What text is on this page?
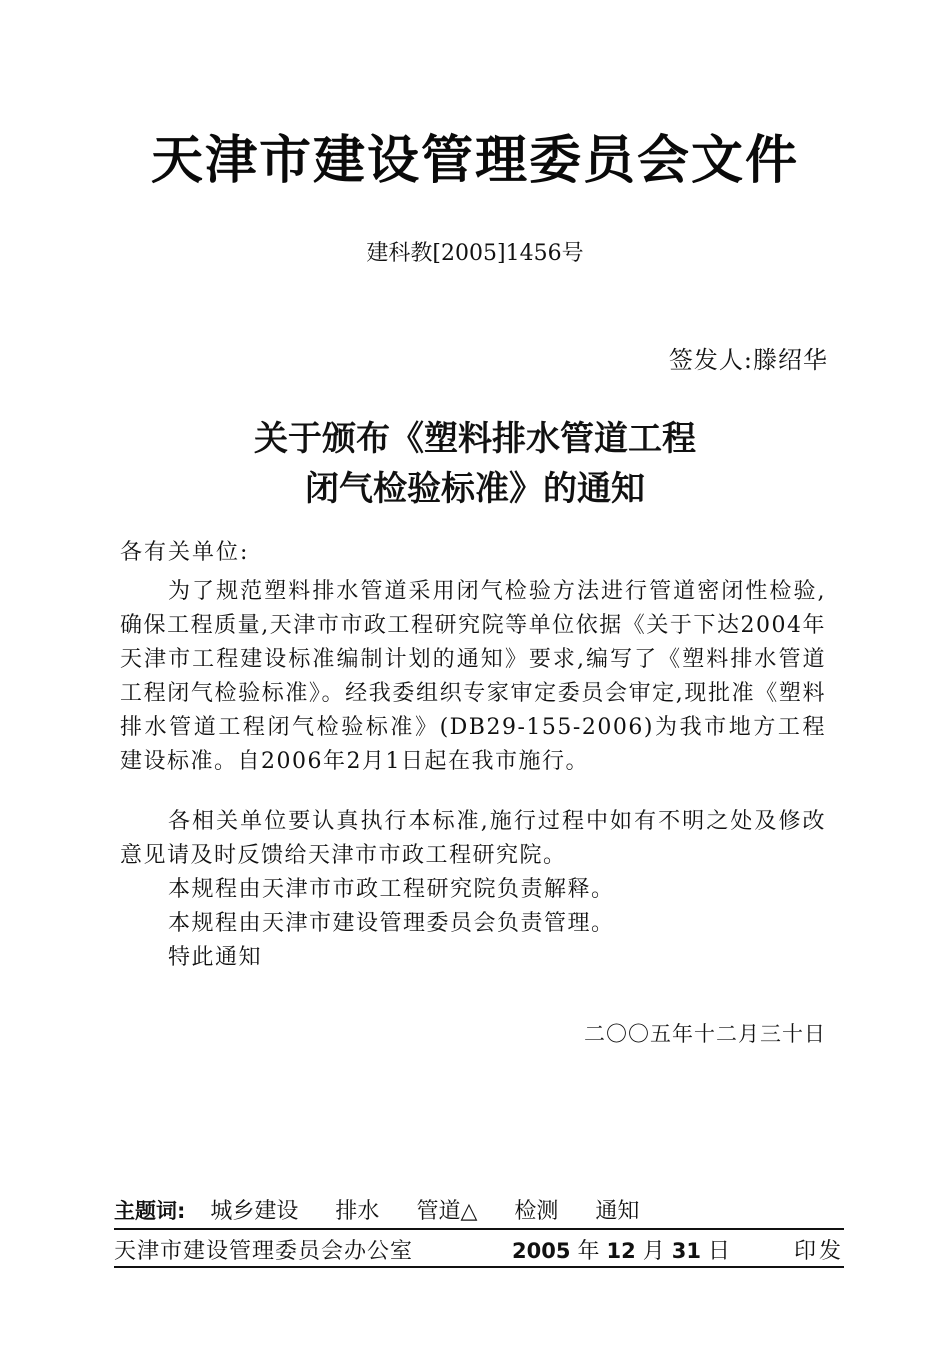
天津市建设管理委员会文件
建科教[2005]1456号
签发人:滕绍华
关于颁布《塑料排水管道工程
闭气检验标准》的通知
各有关单位:
为了规范塑料排水管道采用闭气检验方法进行管道密闭性检验,确保工程质量,天津市市政工程研究院等单位依据《关于下达2004年天津市工程建设标准编制计划的通知》要求,编写了《塑料排水管道工程闭气检验标准》。经我委组织专家审定委员会审定,现批准《塑料排水管道工程闭气检验标准》(DB29-155-2006)为我市地方工程建设标准。自2006年2月1日起在我市施行。
各相关单位要认真执行本标准,施行过程中如有不明之处及修改意见请及时反馈给天津市市政工程研究院。
本规程由天津市市政工程研究院负责解释。
本规程由天津市建设管理委员会负责管理。
特此通知
二〇〇五年十二月三十日
主题词: 城乡建设 排水 管道△ 检测 通知
天津市建设管理委员会办公室	2005 年 12 月 31 日	印发
